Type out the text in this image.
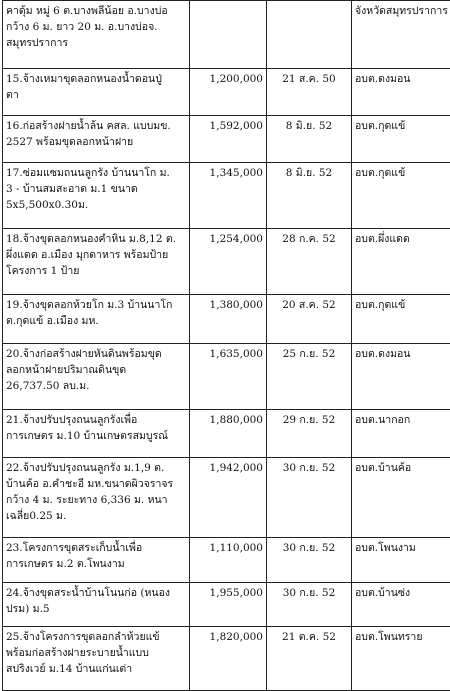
คาดุ้ม หมู่ 6 ต.บางพลีน้อย อ.บางบ่อ
กว้าง 6 ม. ยาว 20 ม. อ.บางบ่อจ.
สมุทรปราการ			จังหวัดสมุทรปราการ

15.จ้างเหมาขุดลอกหนองน้ำดอนปู่
ตา	1,200,000	21 ส.ค. 50	อบต.ดงมอน

16.ก่อสร้างฝายน้ำล้น คสล. แบบมข.
2527 พร้อมขุดลอกหน้าฝาย	1,592,000	8 มิ.ย. 52	อบต.กุดแข้

17.ซ่อมแซมถนนลูกรัง บ้านนาโก ม.
3 - บ้านสมสะอาด ม.1 ขนาด
5x5,500x0.30ม.	1,345,000	8 มิ.ย. 52	อบต.กุดแข้

18.จ้างขุดลอกหนองคำหิน ม.8,12 ต.
ผึ่งแดด อ.เมือง มุกดาหาร พร้อมป้าย
โครงการ 1 ป้าย	1,254,000	28 ก.ค. 52	อบต.ผึ่งแดด

19.จ้างขุดลอกห้วยโก ม.3 บ้านนาโก
ต.กุดแข้ อ.เมือง มห.	1,380,000	20 ส.ค. 52	อบต.กุดแข้

20.จ้างก่อสร้างฝายหันดินพร้อมขุด
ลอกหน้าฝายปริมาณดินขุด
26,737.50 ลบ.ม.	1,635,000	25 ก.ย. 52	อบต.ดงมอน

21.จ้างปรับปรุงถนนลูกรังเพื่อ
การเกษตร ม.10 บ้านเกษตรสมบูรณ์	1,880,000	29 ก.ย. 52	อบต.นากอก

22.จ้างปรับปรุงถนนลูกรัง ม.1,9 ต.
บ้านค้อ อ.คำชะอี มห.ขนาดผิวจราจร
กว้าง 4 ม. ระยะทาง 6,336 ม. หนา
เฉลี่ย0.25 ม.	1,942,000	30 ก.ย. 52	อบต.บ้านค้อ

23.โครงการขุดสระเก็บน้ำเพื่อ
การเกษตร ม.2 ต.โพนงาม	1,110,000	30 ก.ย. 52	อบต.โพนงาม

24.จ้างขุดสระน้ำบ้านโนนก่อ (หนอง
ปรม) ม.5	1,955,000	30 ก.ย. 52	อบต.บ้านซ่ง

25.จ้างโครงการขุดลอกลำห้วยแข้
พร้อมก่อสร้างฝายระบายน้ำแบบ
สปริงเวย์ ม.14 บ้านแก่นเต่า	1,820,000	21 ต.ค. 52	อบต.โพนทราย
